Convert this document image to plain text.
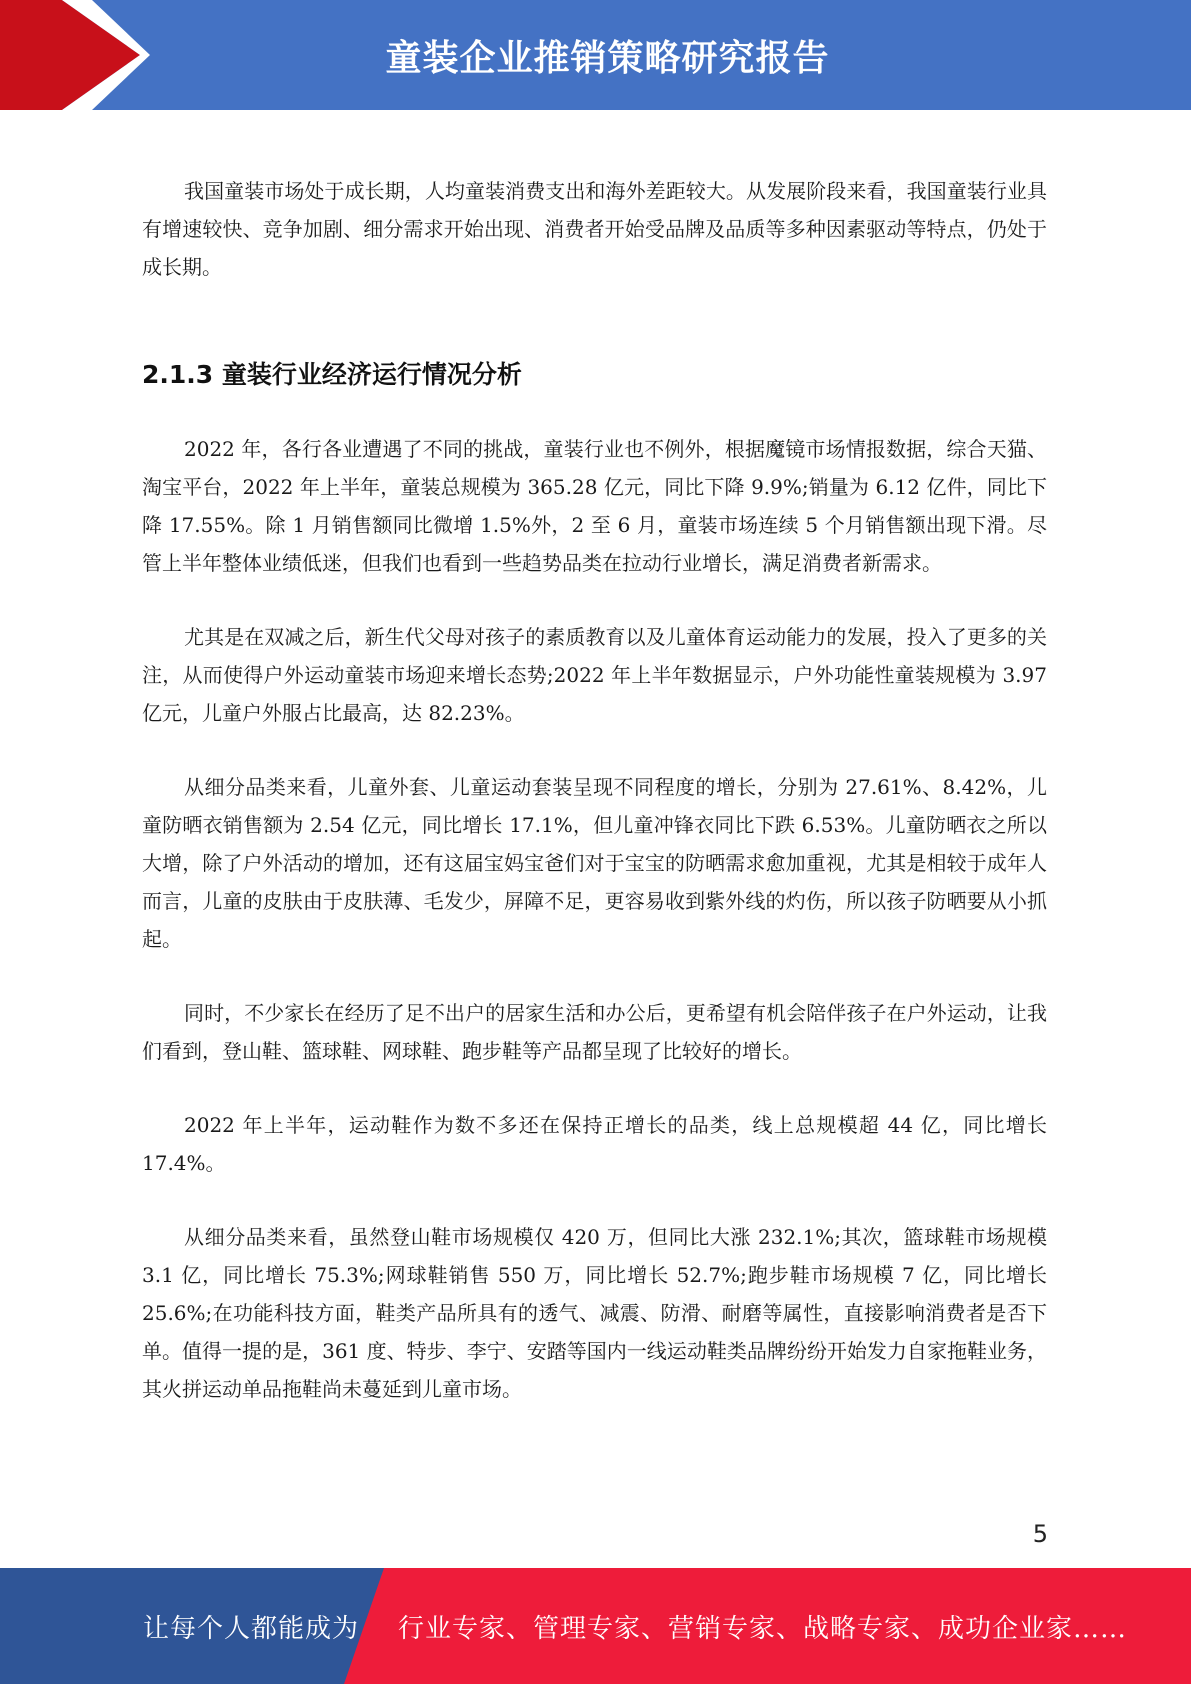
童装企业推销策略研究报告

我国童装市场处于成长期，人均童装消费支出和海外差距较大。从发展阶段来看，我国童装行业具有增速较快、竞争加剧、细分需求开始出现、消费者开始受品牌及品质等多种因素驱动等特点，仍处于成长期。

2.1.3 童装行业经济运行情况分析

2022 年，各行各业遭遇了不同的挑战，童装行业也不例外，根据魔镜市场情报数据，综合天猫、淘宝平台，2022 年上半年，童装总规模为 365.28 亿元，同比下降 9.9%;销量为 6.12 亿件，同比下降 17.55%。除 1 月销售额同比微增 1.5%外，2 至 6 月，童装市场连续 5 个月销售额出现下滑。尽管上半年整体业绩低迷，但我们也看到一些趋势品类在拉动行业增长，满足消费者新需求。

尤其是在双减之后，新生代父母对孩子的素质教育以及儿童体育运动能力的发展，投入了更多的关注，从而使得户外运动童装市场迎来增长态势;2022 年上半年数据显示，户外功能性童装规模为 3.97 亿元，儿童户外服占比最高，达 82.23%。

从细分品类来看，儿童外套、儿童运动套装呈现不同程度的增长，分别为 27.61%、8.42%，儿童防晒衣销售额为 2.54 亿元，同比增长 17.1%，但儿童冲锋衣同比下跌 6.53%。儿童防晒衣之所以大增，除了户外活动的增加，还有这届宝妈宝爸们对于宝宝的防晒需求愈加重视，尤其是相较于成年人而言，儿童的皮肤由于皮肤薄、毛发少，屏障不足，更容易收到紫外线的灼伤，所以孩子防晒要从小抓起。

同时，不少家长在经历了足不出户的居家生活和办公后，更希望有机会陪伴孩子在户外运动，让我们看到，登山鞋、篮球鞋、网球鞋、跑步鞋等产品都呈现了比较好的增长。

2022 年上半年，运动鞋作为数不多还在保持正增长的品类，线上总规模超 44 亿，同比增长 17.4%。

从细分品类来看，虽然登山鞋市场规模仅 420 万，但同比大涨 232.1%;其次，篮球鞋市场规模 3.1 亿，同比增长 75.3%;网球鞋销售 550 万，同比增长 52.7%;跑步鞋市场规模 7 亿，同比增长 25.6%;在功能科技方面，鞋类产品所具有的透气、减震、防滑、耐磨等属性，直接影响消费者是否下单。值得一提的是，361 度、特步、李宁、安踏等国内一线运动鞋类品牌纷纷开始发力自家拖鞋业务，其火拼运动单品拖鞋尚未蔓延到儿童市场。

5
让每个人都能成为 行业专家、管理专家、营销专家、战略专家、成功企业家……
